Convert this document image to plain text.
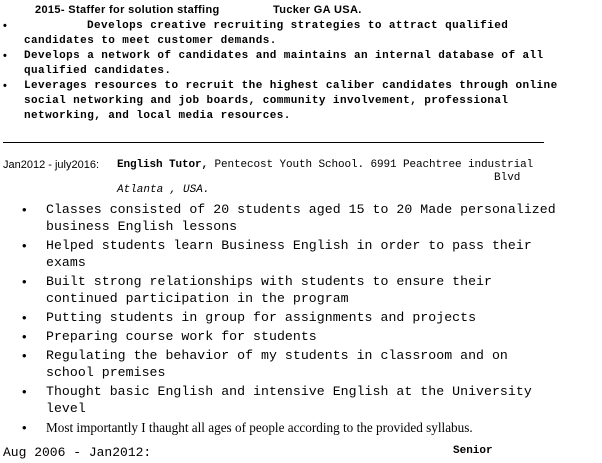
2015- Staffer for solution staffing	Tucker GA USA.
•	Develops creative recruiting strategies to attract qualified candidates to meet customer demands.
• Develops a network of candidates and maintains an internal database of all qualified candidates.
• Leverages resources to recruit the highest caliber candidates through online social networking and job boards, community involvement, professional networking, and local media resources.
Jan2012 - july2016: English Tutor, Pentecost Youth School. 6991 Peachtree industrial
Blvd
Atlanta , USA.
• Classes consisted of 20 students aged 15 to 20 Made personalized business English lessons
• Helped students learn Business English in order to pass their exams
• Built strong relationships with students to ensure their continued participation in the program
• Putting students in group for assignments and projects
• Preparing course work for students
• Regulating the behavior of my students in classroom and on school premises
• Thought basic English and intensive English at the University level
• Most importantly I thaught all ages of people according to the provided syllabus.
Aug 2006 - Jan2012:	Senior
